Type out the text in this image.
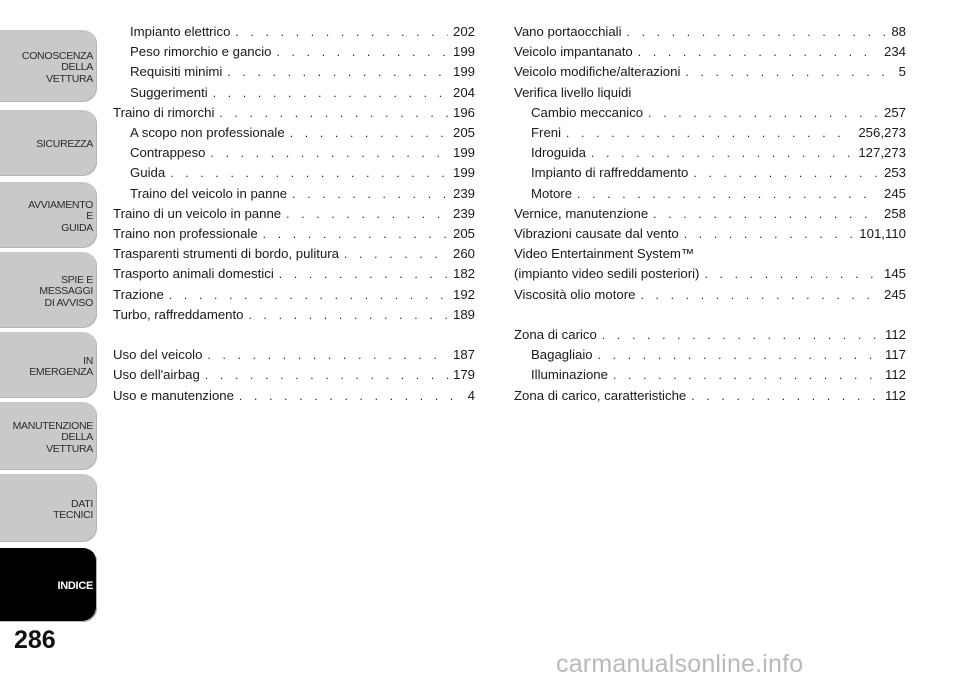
CONOSCENZA
DELLA
VETTURA
SICUREZZA
AVVIAMENTO
E
GUIDA
SPIE E
MESSAGGI
DI AVVISO
IN
EMERGENZA
MANUTENZIONE
DELLA
VETTURA
DATI
TECNICI
INDICE
286
Impianto elettrico . . .	202
Peso rimorchio e gancio . . .	199
Requisiti minimi . . .	199
Suggerimenti . . .	204
Traino di rimorchi . . .	196
A scopo non professionale . . .	205
Contrappeso . . .	199
Guida . . .	199
Traino del veicolo in panne . . .	239
Traino di un veicolo in panne . . .	239
Traino non professionale . . .	205
Trasparenti strumenti di bordo, pulitura . . .	260
Trasporto animali domestici . . .	182
Trazione . . .	192
Turbo, raffreddamento . . .	189
Uso del veicolo . . .	187
Uso dell'airbag . . .	179
Uso e manutenzione . . .	4
Vano portaocchiali . . .	88
Veicolo impantanato . . .	234
Veicolo modifiche/alterazioni . . .	5
Verifica livello liquidi
Cambio meccanico . . .	257
Freni . . .	256,273
Idroguida . . .	127,273
Impianto di raffreddamento . . .	253
Motore . . .	245
Vernice, manutenzione . . .	258
Vibrazioni causate dal vento . . .	101,110
Video Entertainment System™
(impianto video sedili posteriori) . . .	145
Viscosità olio motore . . .	245
Zona di carico . . .	112
Bagagliaio . . .	117
Illuminazione . . .	112
Zona di carico, caratteristiche . . .	112
carmanualsonline.info
